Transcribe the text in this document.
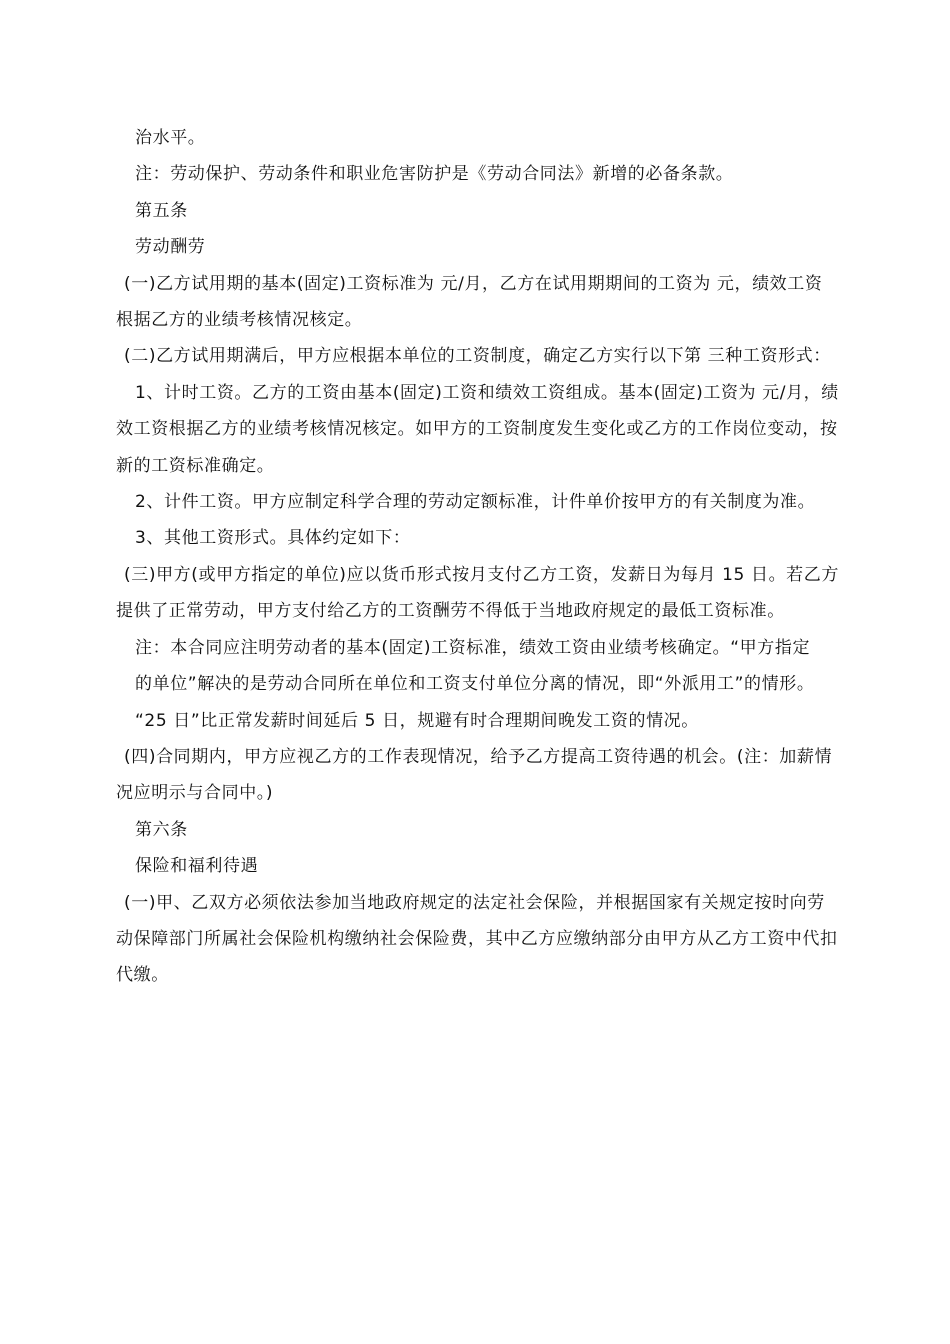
治水平。

注：劳动保护、劳动条件和职业危害防护是《劳动合同法》新增的必备条款。

第五条

劳动酬劳

(一)乙方试用期的基本(固定)工资标准为 元/月，乙方在试用期期间的工资为 元，绩效工资根据乙方的业绩考核情况核定。

(二)乙方试用期满后，甲方应根据本单位的工资制度，确定乙方实行以下第 三种工资形式：

1、计时工资。乙方的工资由基本(固定)工资和绩效工资组成。基本(固定)工资为 元/月，绩效工资根据乙方的业绩考核情况核定。如甲方的工资制度发生变化或乙方的工作岗位变动，按新的工资标准确定。

2、计件工资。甲方应制定科学合理的劳动定额标准，计件单价按甲方的有关制度为准。

3、其他工资形式。具体约定如下：

(三)甲方(或甲方指定的单位)应以货币形式按月支付乙方工资，发薪日为每月 15 日。若乙方提供了正常劳动，甲方支付给乙方的工资酬劳不得低于当地政府规定的最低工资标准。

注：本合同应注明劳动者的基本(固定)工资标准，绩效工资由业绩考核确定。“甲方指定

的单位”解决的是劳动合同所在单位和工资支付单位分离的情况，即“外派用工”的情形。

“25 日”比正常发薪时间延后 5 日，规避有时合理期间晚发工资的情况。

(四)合同期内，甲方应视乙方的工作表现情况，给予乙方提高工资待遇的机会。(注：加薪情况应明示与合同中。)

第六条

保险和福利待遇

(一)甲、乙双方必须依法参加当地政府规定的法定社会保险，并根据国家有关规定按时向劳动保障部门所属社会保险机构缴纳社会保险费，其中乙方应缴纳部分由甲方从乙方工资中代扣代缴。
